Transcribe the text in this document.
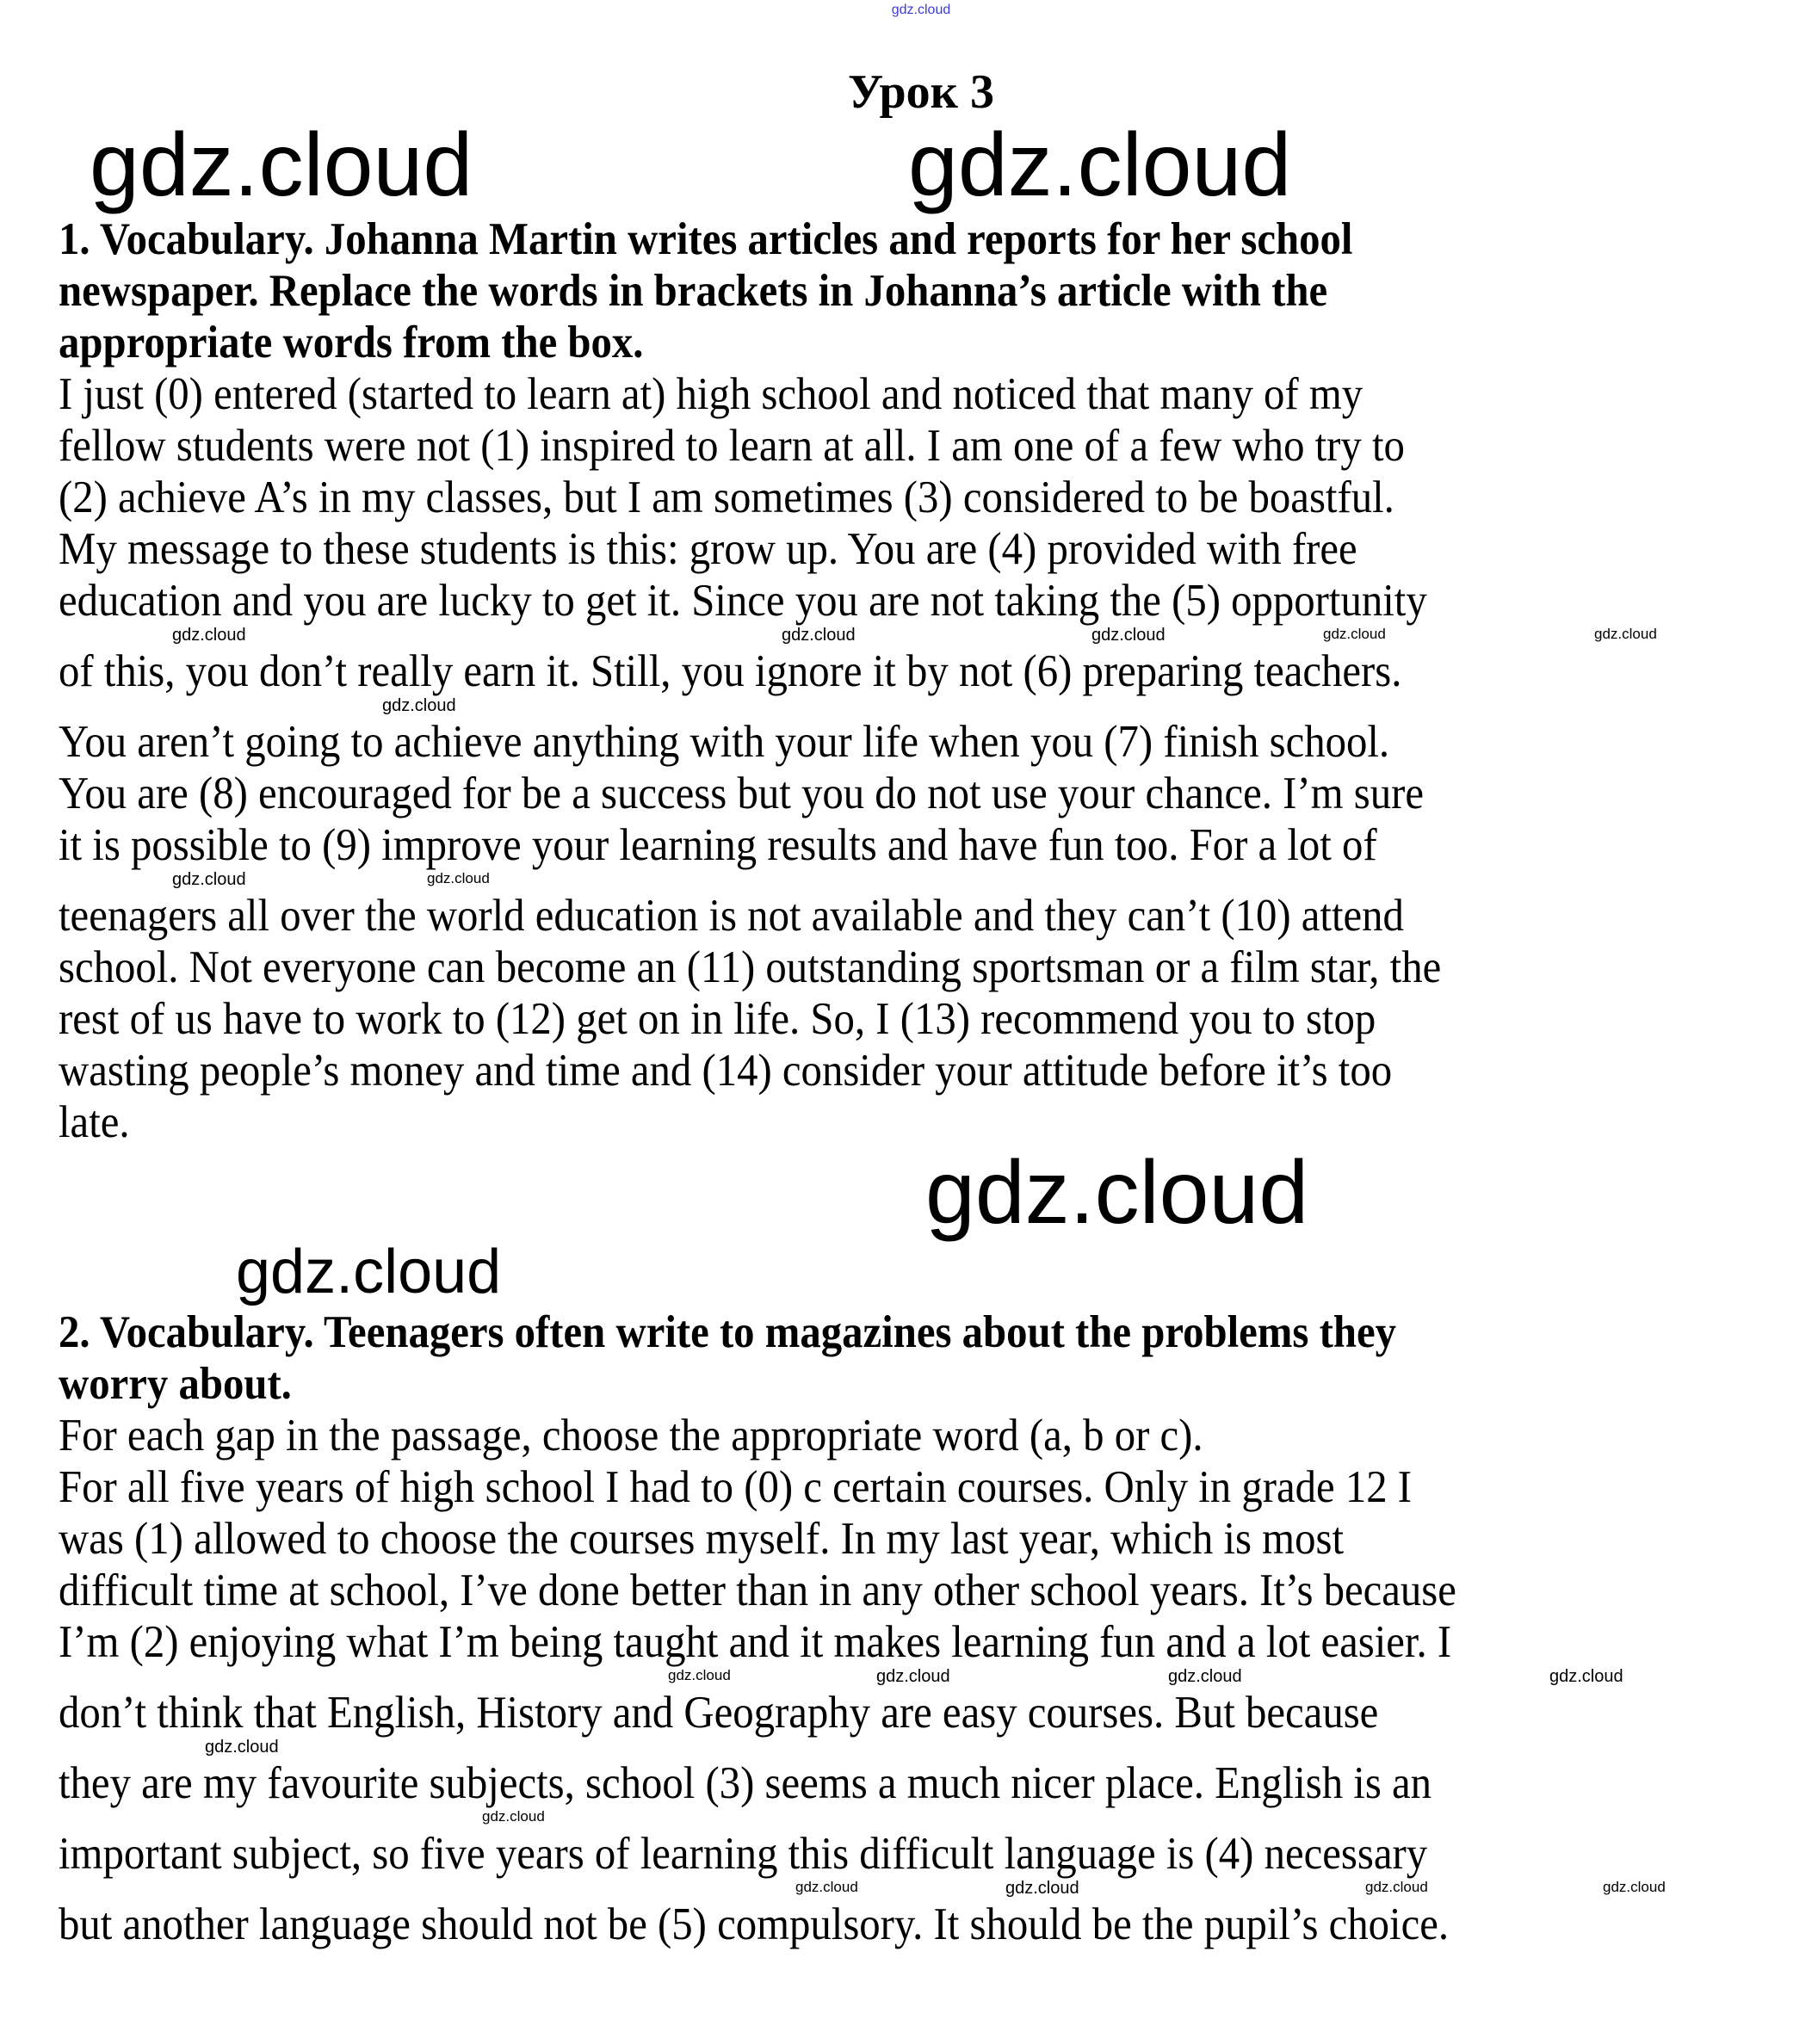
gdz.cloud
Урок 3
gdz.cloud	gdz.cloud
1. Vocabulary. Johanna Martin writes articles and reports for her school
newspaper. Replace the words in brackets in Johanna’s article with the
appropriate words from the box.
I just (0) entered (started to learn at) high school and noticed that many of my
fellow students were not (1) inspired to learn at all. I am one of a few who try to
(2) achieve A’s in my classes, but I am sometimes (3) considered to be boastful.
My message to these students is this: grow up. You are (4) provided with free
education and you are lucky to get it. Since you are not taking the (5) opportunity
gdz.cloud	gdz.cloud	gdz.cloud	gdz.cloud	gdz.cloud
of this, you don’t really earn it. Still, you ignore it by not (6) preparing teachers.
gdz.cloud
You aren’t going to achieve anything with your life when you (7) finish school.
You are (8) encouraged for be a success but you do not use your chance. I’m sure
it is possible to (9) improve your learning results and have fun too. For a lot of
gdz.cloud	gdz.cloud
teenagers all over the world education is not available and they can’t (10) attend
school. Not everyone can become an (11) outstanding sportsman or a film star, the
rest of us have to work to (12) get on in life. So, I (13) recommend you to stop
wasting people’s money and time and (14) consider your attitude before it’s too
late.
gdz.cloud
gdz.cloud
2. Vocabulary. Teenagers often write to magazines about the problems they
worry about.
For each gap in the passage, choose the appropriate word (a, b or c).
For all five years of high school I had to (0) c certain courses. Only in grade 12 I
was (1) allowed to choose the courses myself. In my last year, which is most
difficult time at school, I’ve done better than in any other school years. It’s because
I’m (2) enjoying what I’m being taught and it makes learning fun and a lot easier. I
gdz.cloud	gdz.cloud	gdz.cloud	gdz.cloud
don’t think that English, History and Geography are easy courses. But because
gdz.cloud
they are my favourite subjects, school (3) seems a much nicer place. English is an
gdz.cloud
important subject, so five years of learning this difficult language is (4) necessary
gdz.cloud	gdz.cloud	gdz.cloud	gdz.cloud
but another language should not be (5) compulsory. It should be the pupil’s choice.
